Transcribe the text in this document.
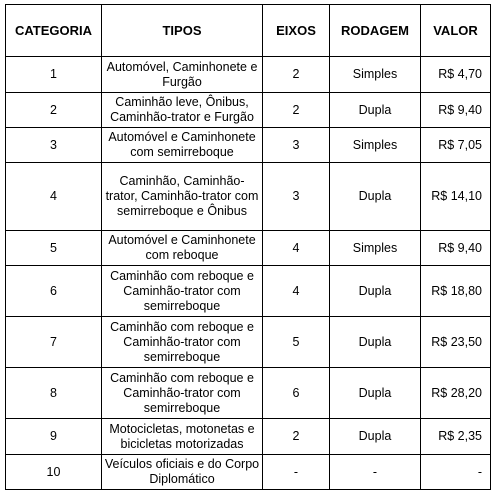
CATEGORIA	TIPOS	EIXOS	RODAGEM	VALOR
1	Automóvel, Caminhonete e Furgão	2	Simples	R$ 4,70
2	Caminhão leve, Ônibus, Caminhão-trator e Furgão	2	Dupla	R$ 9,40
3	Automóvel e Caminhonete com semirreboque	3	Simples	R$ 7,05
4	Caminhão, Caminhão-trator, Caminhão-trator com semirreboque e Ônibus	3	Dupla	R$ 14,10
5	Automóvel e Caminhonete com reboque	4	Simples	R$ 9,40
6	Caminhão com reboque e Caminhão-trator com semirreboque	4	Dupla	R$ 18,80
7	Caminhão com reboque e Caminhão-trator com semirreboque	5	Dupla	R$ 23,50
8	Caminhão com reboque e Caminhão-trator com semirreboque	6	Dupla	R$ 28,20
9	Motocicletas, motonetas e bicicletas motorizadas	2	Dupla	R$ 2,35
10	Veículos oficiais e do Corpo Diplomático	-	-	-
